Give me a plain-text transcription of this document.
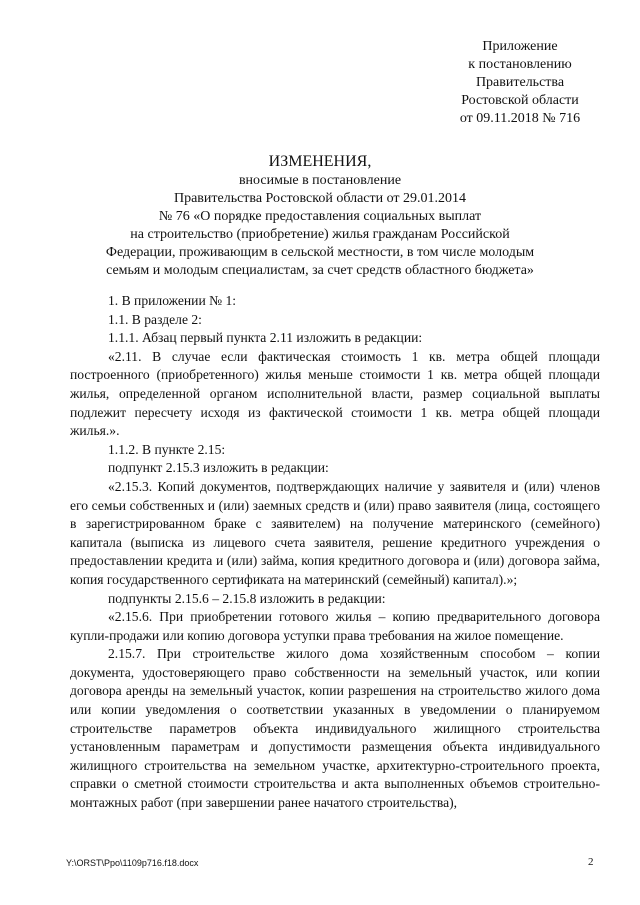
Приложение
к постановлению
Правительства
Ростовской области
от 09.11.2018 № 716
ИЗМЕНЕНИЯ,
вносимые в постановление
Правительства Ростовской области от 29.01.2014
№ 76 «О порядке предоставления социальных выплат
на строительство (приобретение) жилья гражданам Российской
Федерации, проживающим в сельской местности, в том числе молодым
семьям и молодым специалистам, за счет средств областного бюджета»

1. В приложении № 1:

1.1. В разделе 2:

1.1.1. Абзац первый пункта 2.11 изложить в редакции:

«2.11. В случае если фактическая стоимость 1 кв. метра общей площади построенного (приобретенного) жилья меньше стоимости 1 кв. метра общей площади жилья, определенной органом исполнительной власти, размер социальной выплаты подлежит пересчету исходя из фактической стоимости 1 кв. метра общей площади жилья.».

1.1.2. В пункте 2.15:

подпункт 2.15.3 изложить в редакции:

«2.15.3. Копий документов, подтверждающих наличие у заявителя и (или) членов его семьи собственных и (или) заемных средств и (или) право заявителя (лица, состоящего в зарегистрированном браке с заявителем) на получение материнского (семейного) капитала (выписка из лицевого счета заявителя, решение кредитного учреждения о предоставлении кредита и (или) займа, копия кредитного договора и (или) договора займа, копия государственного сертификата на материнский (семейный) капитал).»;

подпункты 2.15.6 – 2.15.8 изложить в редакции:

«2.15.6. При приобретении готового жилья – копию предварительного договора купли-продажи или копию договора уступки права требования на жилое помещение.

2.15.7. При строительстве жилого дома хозяйственным способом – копии документа, удостоверяющего право собственности на земельный участок, или копии договора аренды на земельный участок, копии разрешения на строительство жилого дома или копии уведомления о соответствии указанных в уведомлении о планируемом строительстве параметров объекта индивидуального жилищного строительства установленным параметрам и допустимости размещения объекта индивидуального жилищного строительства на земельном участке, архитектурно-строительного проекта, справки о сметной стоимости строительства и акта выполненных объемов строительно-монтажных работ (при завершении ранее начатого строительства),

Y:\ORST\Ppo\1109p716.f18.docx	2
